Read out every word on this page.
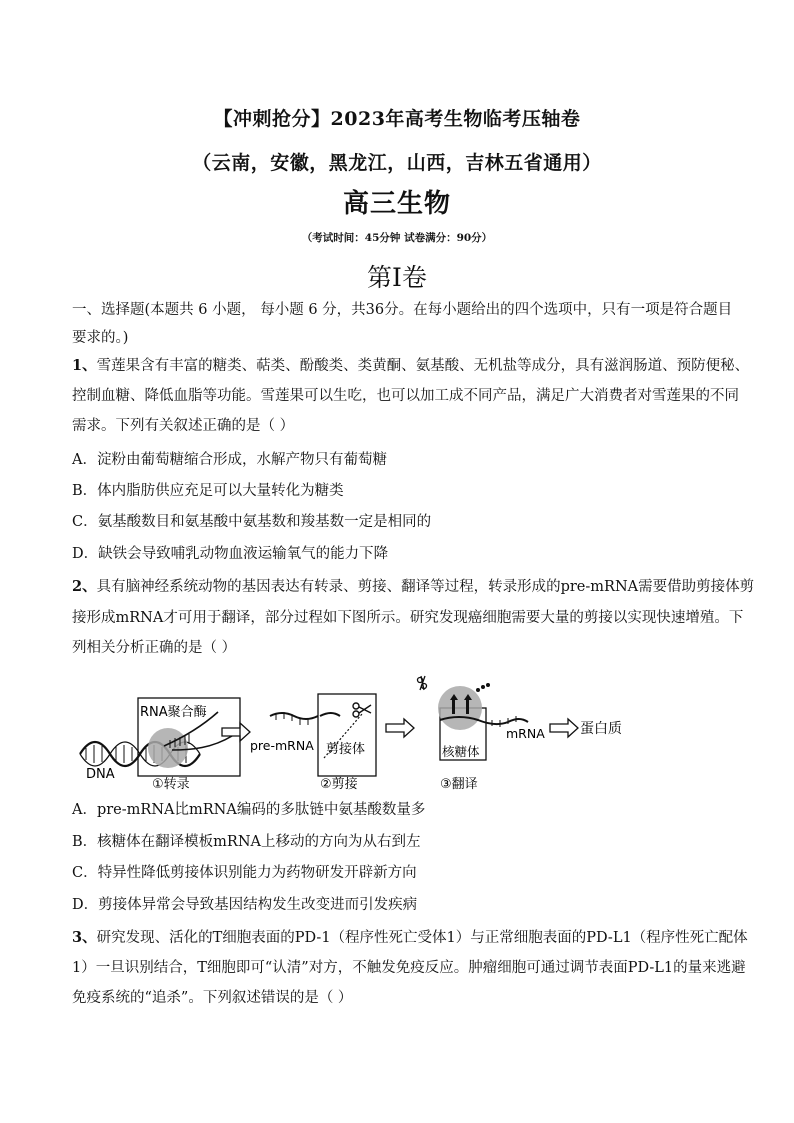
【冲刺抢分】2023年高考生物临考压轴卷
（云南，安徽，黑龙江，山西，吉林五省通用）
高三生物
（考试时间：45分钟 试卷满分：90分）
第Ⅰ卷
一、选择题(本题共 6 小题， 每小题 6 分，共36分。在每小题给出的四个选项中，只有一项是符合题目
要求的。)
1、雪莲果含有丰富的糖类、萜类、酚酸类、类黄酮、氨基酸、无机盐等成分，具有滋润肠道、预防便秘、
控制血糖、降低血脂等功能。雪莲果可以生吃，也可以加工成不同产品，满足广大消费者对雪莲果的不同
需求。下列有关叙述正确的是（ ）
A．淀粉由葡萄糖缩合形成，水解产物只有葡萄糖
B．体内脂肪供应充足可以大量转化为糖类
C．氨基酸数目和氨基酸中氨基数和羧基数一定是相同的
D．缺铁会导致哺乳动物血液运输氧气的能力下降
2、具有脑神经系统动物的基因表达有转录、剪接、翻译等过程，转录形成的pre-mRNA需要借助剪接体剪
接形成mRNA才可用于翻译，部分过程如下图所示。研究发现癌细胞需要大量的剪接以实现快速增殖。下
列相关分析正确的是（ ）
DNA
RNA聚合酶
①转录
pre-mRNA 剪接体
②剪接
核糖体
③翻译
mRNA	蛋白质
A．pre-mRNA比mRNA编码的多肽链中氨基酸数量多
B．核糖体在翻译模板mRNA上移动的方向为从右到左
C．特异性降低剪接体识别能力为药物研发开辟新方向
D．剪接体异常会导致基因结构发生改变进而引发疾病
3、研究发现、活化的T细胞表面的PD-1（程序性死亡受体1）与正常细胞表面的PD-L1（程序性死亡配体
1）一旦识别结合，T细胞即可“认清”对方，不触发免疫反应。肿瘤细胞可通过调节表面PD-L1的量来逃避
免疫系统的“追杀”。下列叙述错误的是（ ）
